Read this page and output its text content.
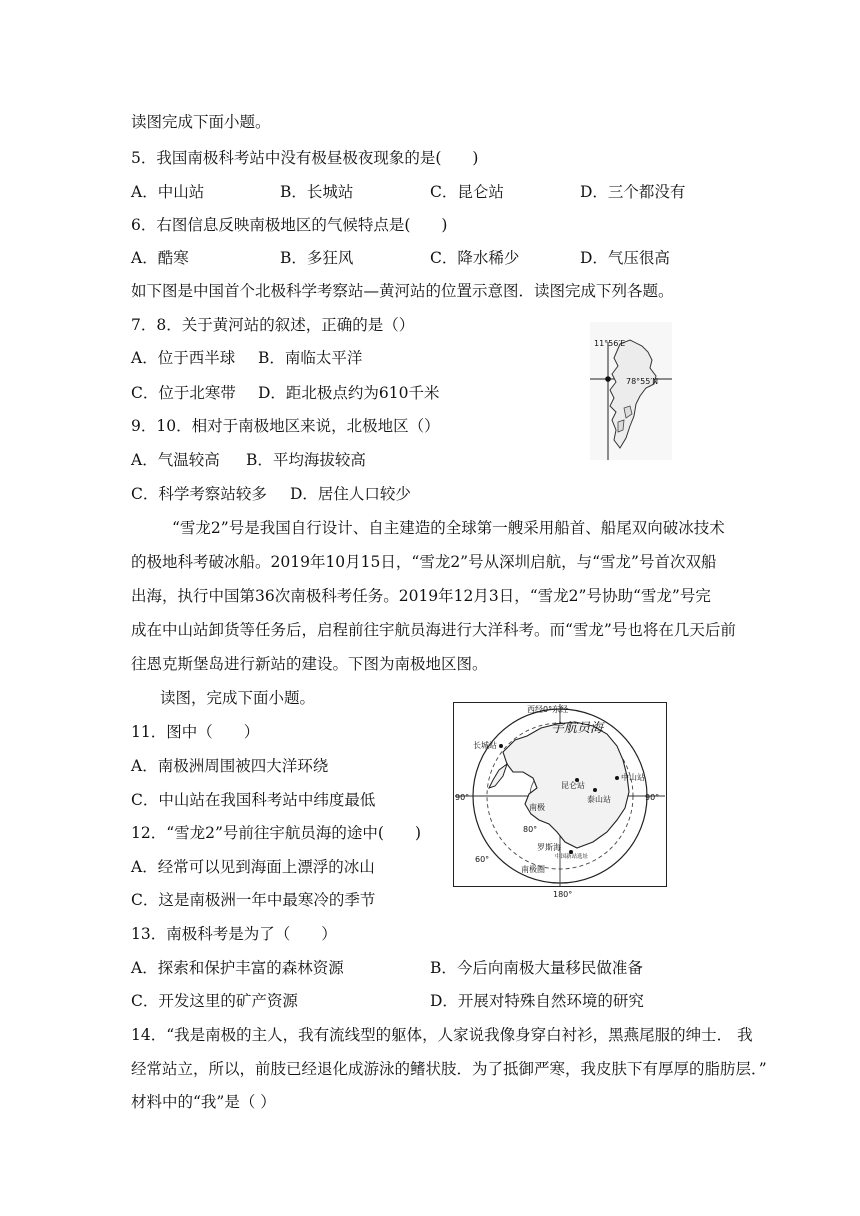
读图完成下面小题。
5．我国南极科考站中没有极昼极夜现象的是(　　)
A．中山站	B．长城站	C．昆仑站	D．三个都没有
6．右图信息反映南极地区的气候特点是(　　)
A．酷寒	B．多狂风	C．降水稀少	D．气压很高
如下图是中国首个北极科学考察站—黄河站的位置示意图．读图完成下列各题。
7．8．关于黄河站的叙述，正确的是（）
A．位于西半球 B．南临太平洋
C．位于北寒带 D．距北极点约为610千米
9．10．相对于南极地区来说，北极地区（）
A．气温较高 B．平均海拔较高
C．科学考察站较多 D．居住人口较少
“雪龙2”号是我国自行设计、自主建造的全球第一艘采用船首、船尾双向破冰技术
的极地科考破冰船。2019年10月15日，“雪龙2”号从深圳启航，与“雪龙”号首次双船
出海，执行中国第36次南极科考任务。2019年12月3日，“雪龙2”号协助“雪龙”号完
成在中山站卸货等任务后，启程前往宇航员海进行大洋科考。而“雪龙”号也将在几天后前
往恩克斯堡岛进行新站的建设。下图为南极地区图。
读图，完成下面小题。
11．图中（　　）
A．南极洲周围被四大洋环绕
C．中山站在我国科考站中纬度最低
12．“雪龙2”号前往宇航员海的途中(　　)
A．经常可以见到海面上漂浮的冰山
C．这是南极洲一年中最寒冷的季节
13．南极科考是为了（　　）
A．探索和保护丰富的森林资源	B．今后向南极大量移民做准备
C．开发这里的矿产资源	D．开展对特殊自然环境的研究
14．“我是南极的主人，我有流线型的躯体，人家说我像身穿白衬衫，黑燕尾服的绅士． 我
经常站立，所以，前肢已经退化成游泳的鳍状肢．为了抵御严寒，我皮肤下有厚厚的脂肪层．”
材料中的“我”是（ ）
11°56′E
78°55′N
西经0°东经
宇航员海
长城站
中山站
昆仑站
泰山站
南极
80°
罗斯海
中国新站选址
南极圈
60°
90°	90°
180°
